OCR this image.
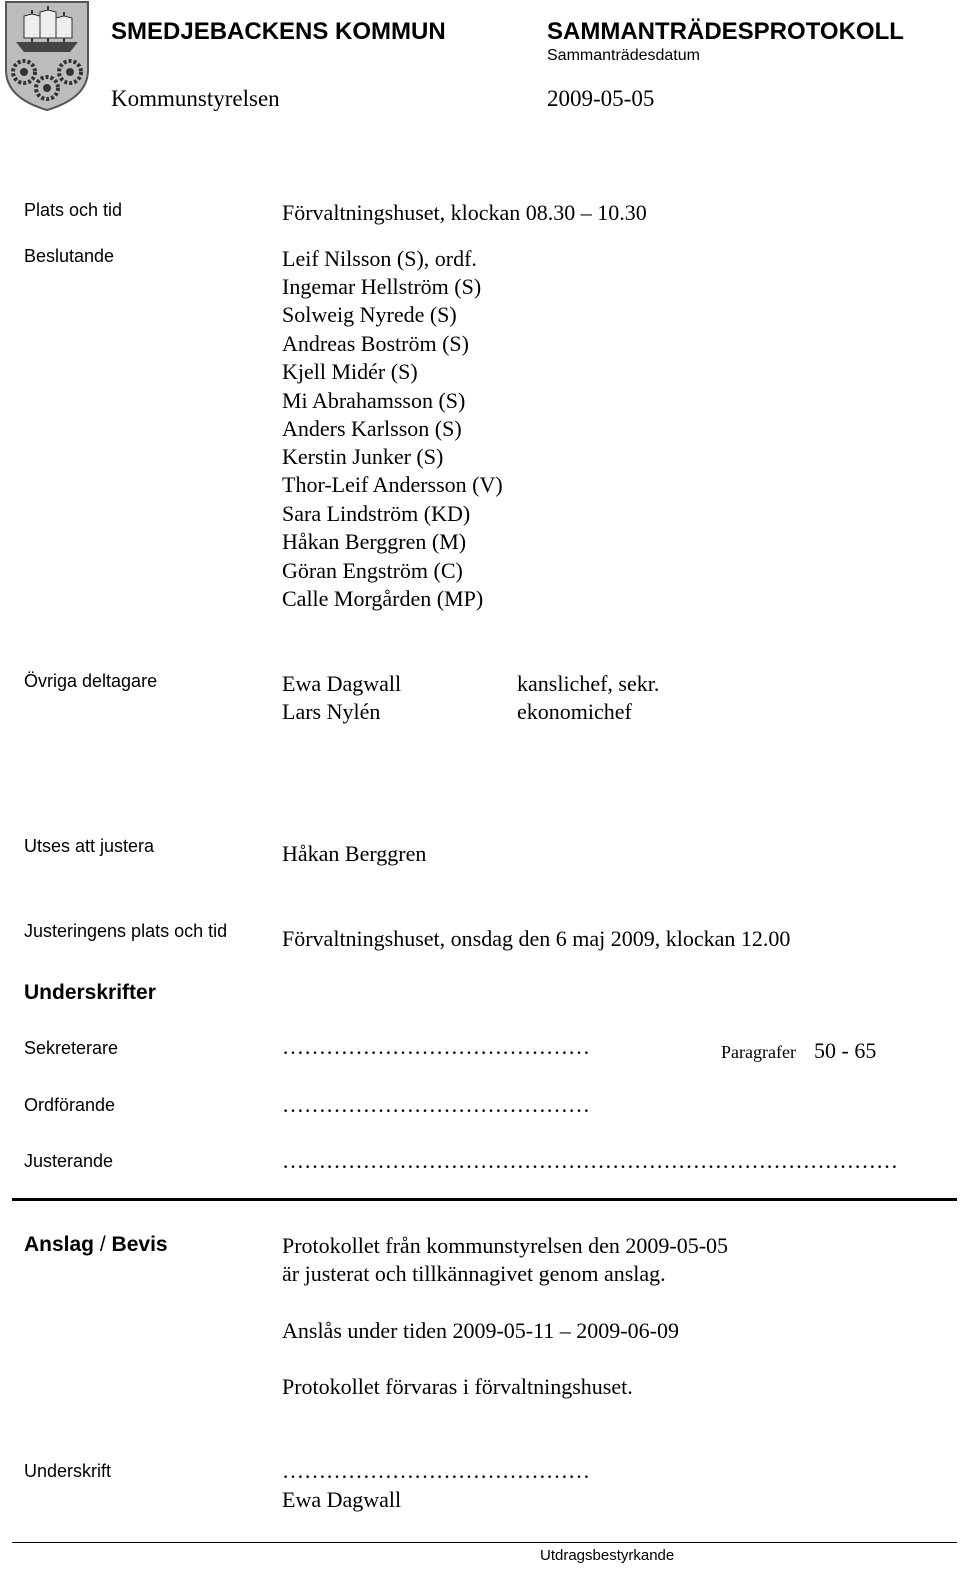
SMEDJEBACKENS KOMMUN	SAMMANTRÄDESPROTOKOLL
Sammanträdesdatum
Kommunstyrelsen	2009-05-05
Plats och tid	Förvaltningshuset, klockan 08.30 – 10.30
Beslutande	Leif Nilsson (S), ordf.
Ingemar Hellström (S)
Solweig Nyrede (S)
Andreas Boström (S)
Kjell Midér (S)
Mi Abrahamsson (S)
Anders Karlsson (S)
Kerstin Junker (S)
Thor-Leif Andersson (V)
Sara Lindström (KD)
Håkan Berggren (M)
Göran Engström (C)
Calle Morgården (MP)
Övriga deltagare	Ewa Dagwall	kanslichef, sekr.
Lars Nylén	ekonomichef
Utses att justera	Håkan Berggren
Justeringens plats och tid Förvaltningshuset, onsdag den 6 maj 2009, klockan 12.00
Underskrifter
Sekreterare	……………………………………	Paragrafer 50 - 65
Ordförande	……………………………………
Justerande	…………………………………………………………………………
Anslag / Bevis	Protokollet från kommunstyrelsen den 2009-05-05
är justerat och tillkännagivet genom anslag.
Anslås under tiden 2009-05-11 – 2009-06-09
Protokollet förvaras i förvaltningshuset.
Underskrift	……………………………………
Ewa Dagwall
Utdragsbestyrkande
